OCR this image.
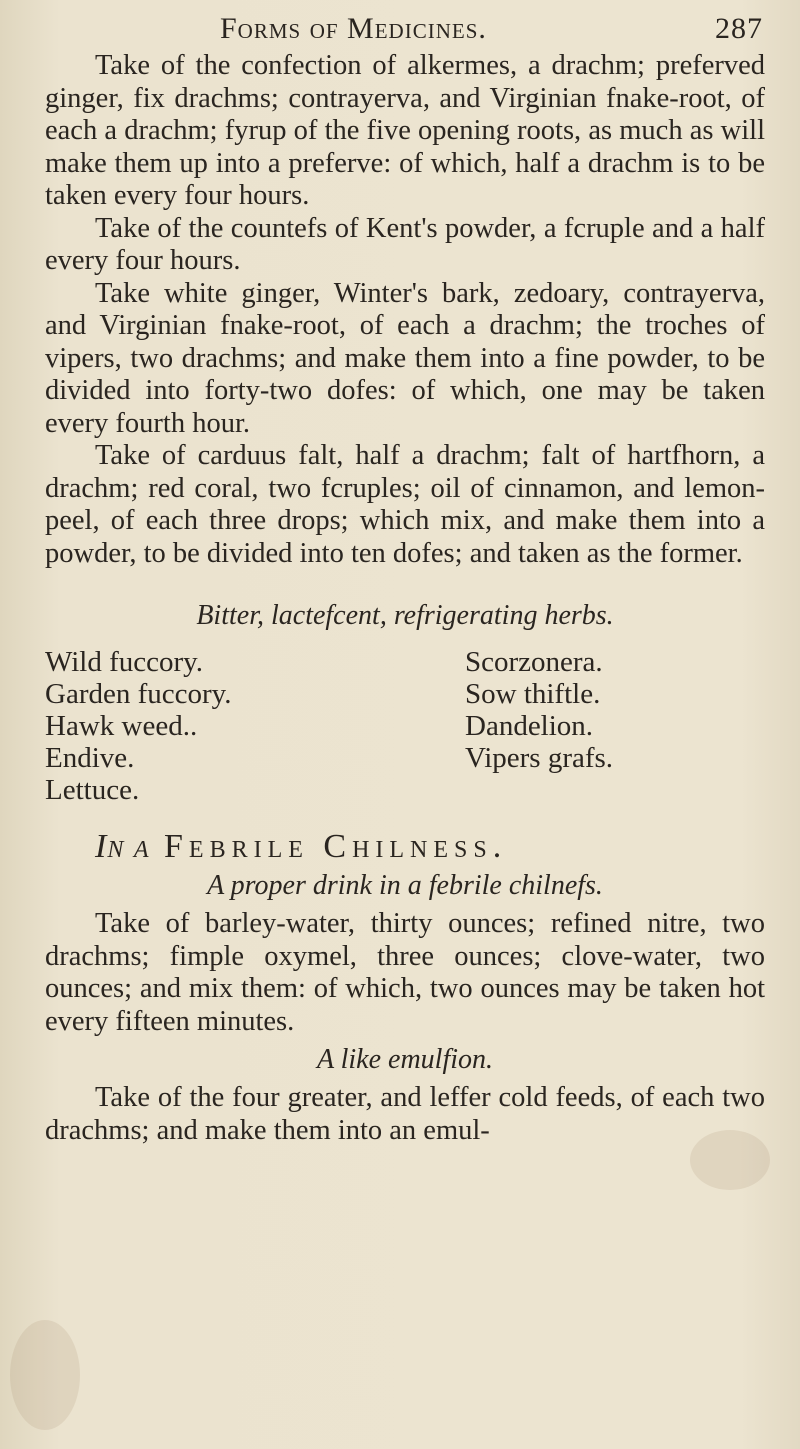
Forms of Medicines.	287

Take of the confection of alkermes, a drachm; preferved ginger, fix drachms; contrayerva, and Virginian fnake-root, of each a drachm; fyrup of the five opening roots, as much as will make them up into a preferve: of which, half a drachm is to be taken every four hours.

Take of the countefs of Kent's powder, a fcruple and a half every four hours.

Take white ginger, Winter's bark, zedoary, contrayerva, and Virginian fnake-root, of each a drachm; the troches of vipers, two drachms; and make them into a fine powder, to be divided into forty-two dofes: of which, one may be taken every fourth hour.

Take of carduus falt, half a drachm; falt of hartfhorn, a drachm; red coral, two fcruples; oil of cinnamon, and lemon-peel, of each three drops; which mix, and make them into a powder, to be divided into ten dofes; and taken as the former.

Bitter, lactefcent, refrigerating herbs.
Wild fuccory.	Scorzonera.
Garden fuccory.	Sow thiftle.
Hawk weed..	Dandelion.
Endive.	Vipers grafs.
Lettuce.
In a Febrile Chilness.
A proper drink in a febrile chilnefs.

Take of barley-water, thirty ounces; refined nitre, two drachms; fimple oxymel, three ounces; clove-water, two ounces; and mix them: of which, two ounces may be taken hot every fifteen minutes.

A like emulfion.

Take of the four greater, and leffer cold feeds, of each two drachms; and make them into an emul-
